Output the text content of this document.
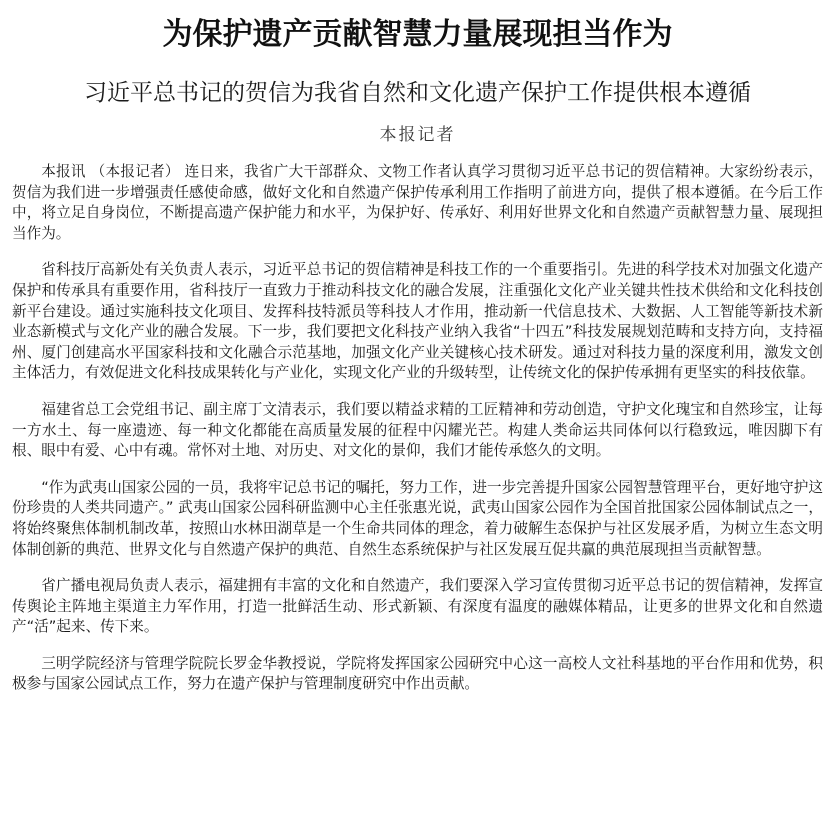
为保护遗产贡献智慧力量展现担当作为
习近平总书记的贺信为我省自然和文化遗产保护工作提供根本遵循
本报记者

本报讯 （本报记者） 连日来，我省广大干部群众、文物工作者认真学习贯彻习近平总书记的贺信精神。大家纷纷表示，贺信为我们进一步增强责任感使命感，做好文化和自然遗产保护传承利用工作指明了前进方向，提供了根本遵循。在今后工作中，将立足自身岗位，不断提高遗产保护能力和水平，为保护好、传承好、利用好世界文化和自然遗产贡献智慧力量、展现担当作为。

省科技厅高新处有关负责人表示，习近平总书记的贺信精神是科技工作的一个重要指引。先进的科学技术对加强文化遗产保护和传承具有重要作用，省科技厅一直致力于推动科技文化的融合发展，注重强化文化产业关键共性技术供给和文化科技创新平台建设。通过实施科技文化项目、发挥科技特派员等科技人才作用，推动新一代信息技术、大数据、人工智能等新技术新业态新模式与文化产业的融合发展。下一步，我们要把文化科技产业纳入我省“十四五”科技发展规划范畴和支持方向，支持福州、厦门创建高水平国家科技和文化融合示范基地，加强文化产业关键核心技术研发。通过对科技力量的深度利用，激发文创主体活力，有效促进文化科技成果转化与产业化，实现文化产业的升级转型，让传统文化的保护传承拥有更坚实的科技依靠。

福建省总工会党组书记、副主席丁文清表示，我们要以精益求精的工匠精神和劳动创造，守护文化瑰宝和自然珍宝，让每一方水土、每一座遗迹、每一种文化都能在高质量发展的征程中闪耀光芒。构建人类命运共同体何以行稳致远，唯因脚下有根、眼中有爱、心中有魂。常怀对土地、对历史、对文化的景仰，我们才能传承悠久的文明。

“作为武夷山国家公园的一员，我将牢记总书记的嘱托，努力工作，进一步完善提升国家公园智慧管理平台，更好地守护这份珍贵的人类共同遗产。” 武夷山国家公园科研监测中心主任张惠光说，武夷山国家公园作为全国首批国家公园体制试点之一，将始终聚焦体制机制改革，按照山水林田湖草是一个生命共同体的理念，着力破解生态保护与社区发展矛盾，为树立生态文明体制创新的典范、世界文化与自然遗产保护的典范、自然生态系统保护与社区发展互促共赢的典范展现担当贡献智慧。

省广播电视局负责人表示，福建拥有丰富的文化和自然遗产，我们要深入学习宣传贯彻习近平总书记的贺信精神，发挥宣传舆论主阵地主渠道主力军作用，打造一批鲜活生动、形式新颖、有深度有温度的融媒体精品，让更多的世界文化和自然遗产“活”起来、传下来。

三明学院经济与管理学院院长罗金华教授说，学院将发挥国家公园研究中心这一高校人文社科基地的平台作用和优势，积极参与国家公园试点工作，努力在遗产保护与管理制度研究中作出贡献。
